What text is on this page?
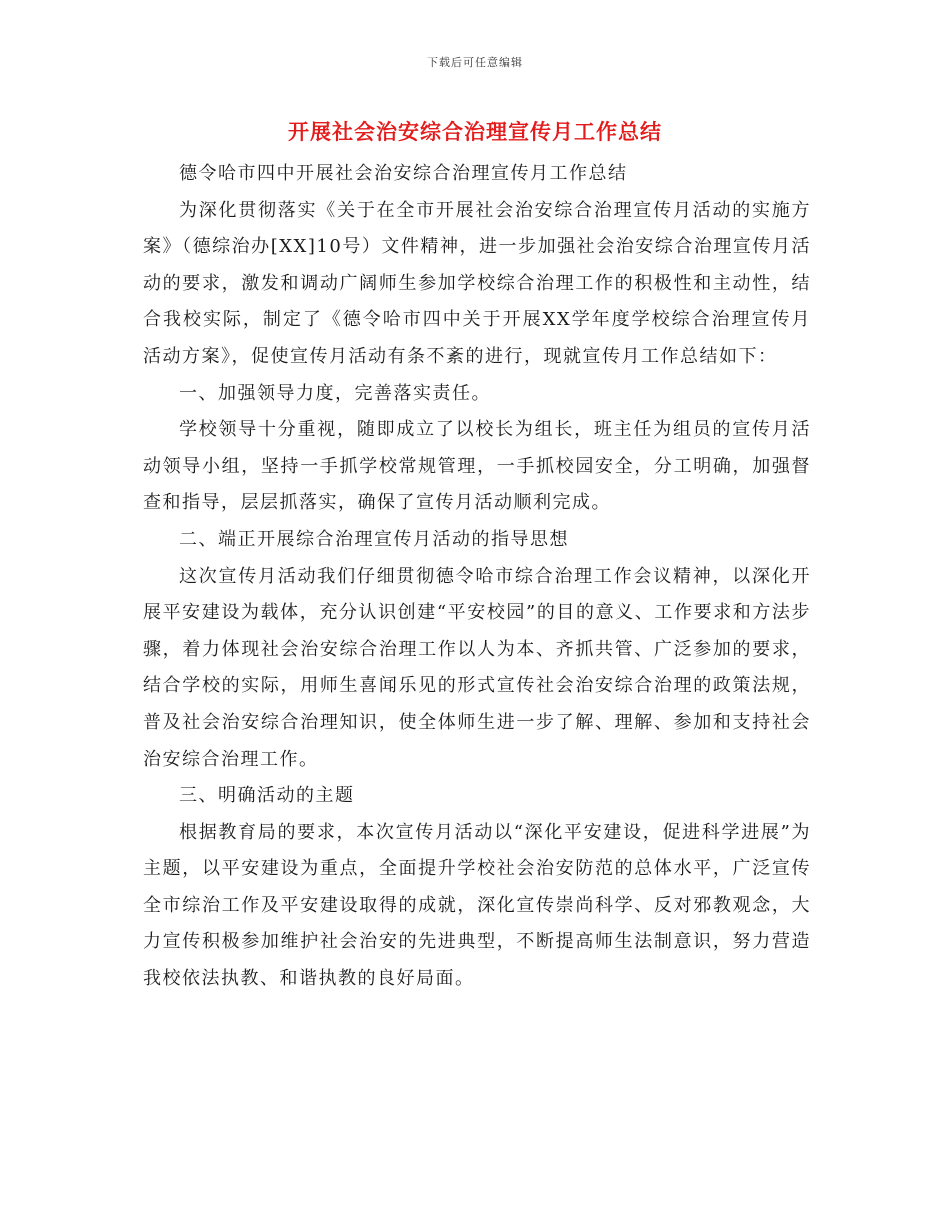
下载后可任意编辑
开展社会治安综合治理宣传月工作总结

德令哈市四中开展社会治安综合治理宣传月工作总结

为深化贯彻落实《关于在全市开展社会治安综合治理宣传月活动的实施方案》（德综治办[XX]10号）文件精神，进一步加强社会治安综合治理宣传月活动的要求，激发和调动广阔师生参加学校综合治理工作的积极性和主动性，结合我校实际，制定了《德令哈市四中关于开展XX学年度学校综合治理宣传月活动方案》，促使宣传月活动有条不紊的进行，现就宣传月工作总结如下：

一、加强领导力度，完善落实责任。

学校领导十分重视，随即成立了以校长为组长，班主任为组员的宣传月活动领导小组，坚持一手抓学校常规管理，一手抓校园安全，分工明确，加强督查和指导，层层抓落实，确保了宣传月活动顺利完成。

二、端正开展综合治理宣传月活动的指导思想

这次宣传月活动我们仔细贯彻德令哈市综合治理工作会议精神，以深化开展平安建设为载体，充分认识创建“平安校园”的目的意义、工作要求和方法步骤，着力体现社会治安综合治理工作以人为本、齐抓共管、广泛参加的要求，结合学校的实际，用师生喜闻乐见的形式宣传社会治安综合治理的政策法规，普及社会治安综合治理知识，使全体师生进一步了解、理解、参加和支持社会治安综合治理工作。

三、明确活动的主题

根据教育局的要求，本次宣传月活动以“深化平安建设，促进科学进展”为主题，以平安建设为重点，全面提升学校社会治安防范的总体水平，广泛宣传全市综治工作及平安建设取得的成就，深化宣传崇尚科学、反对邪教观念，大力宣传积极参加维护社会治安的先进典型，不断提高师生法制意识，努力营造我校依法执教、和谐执教的良好局面。
